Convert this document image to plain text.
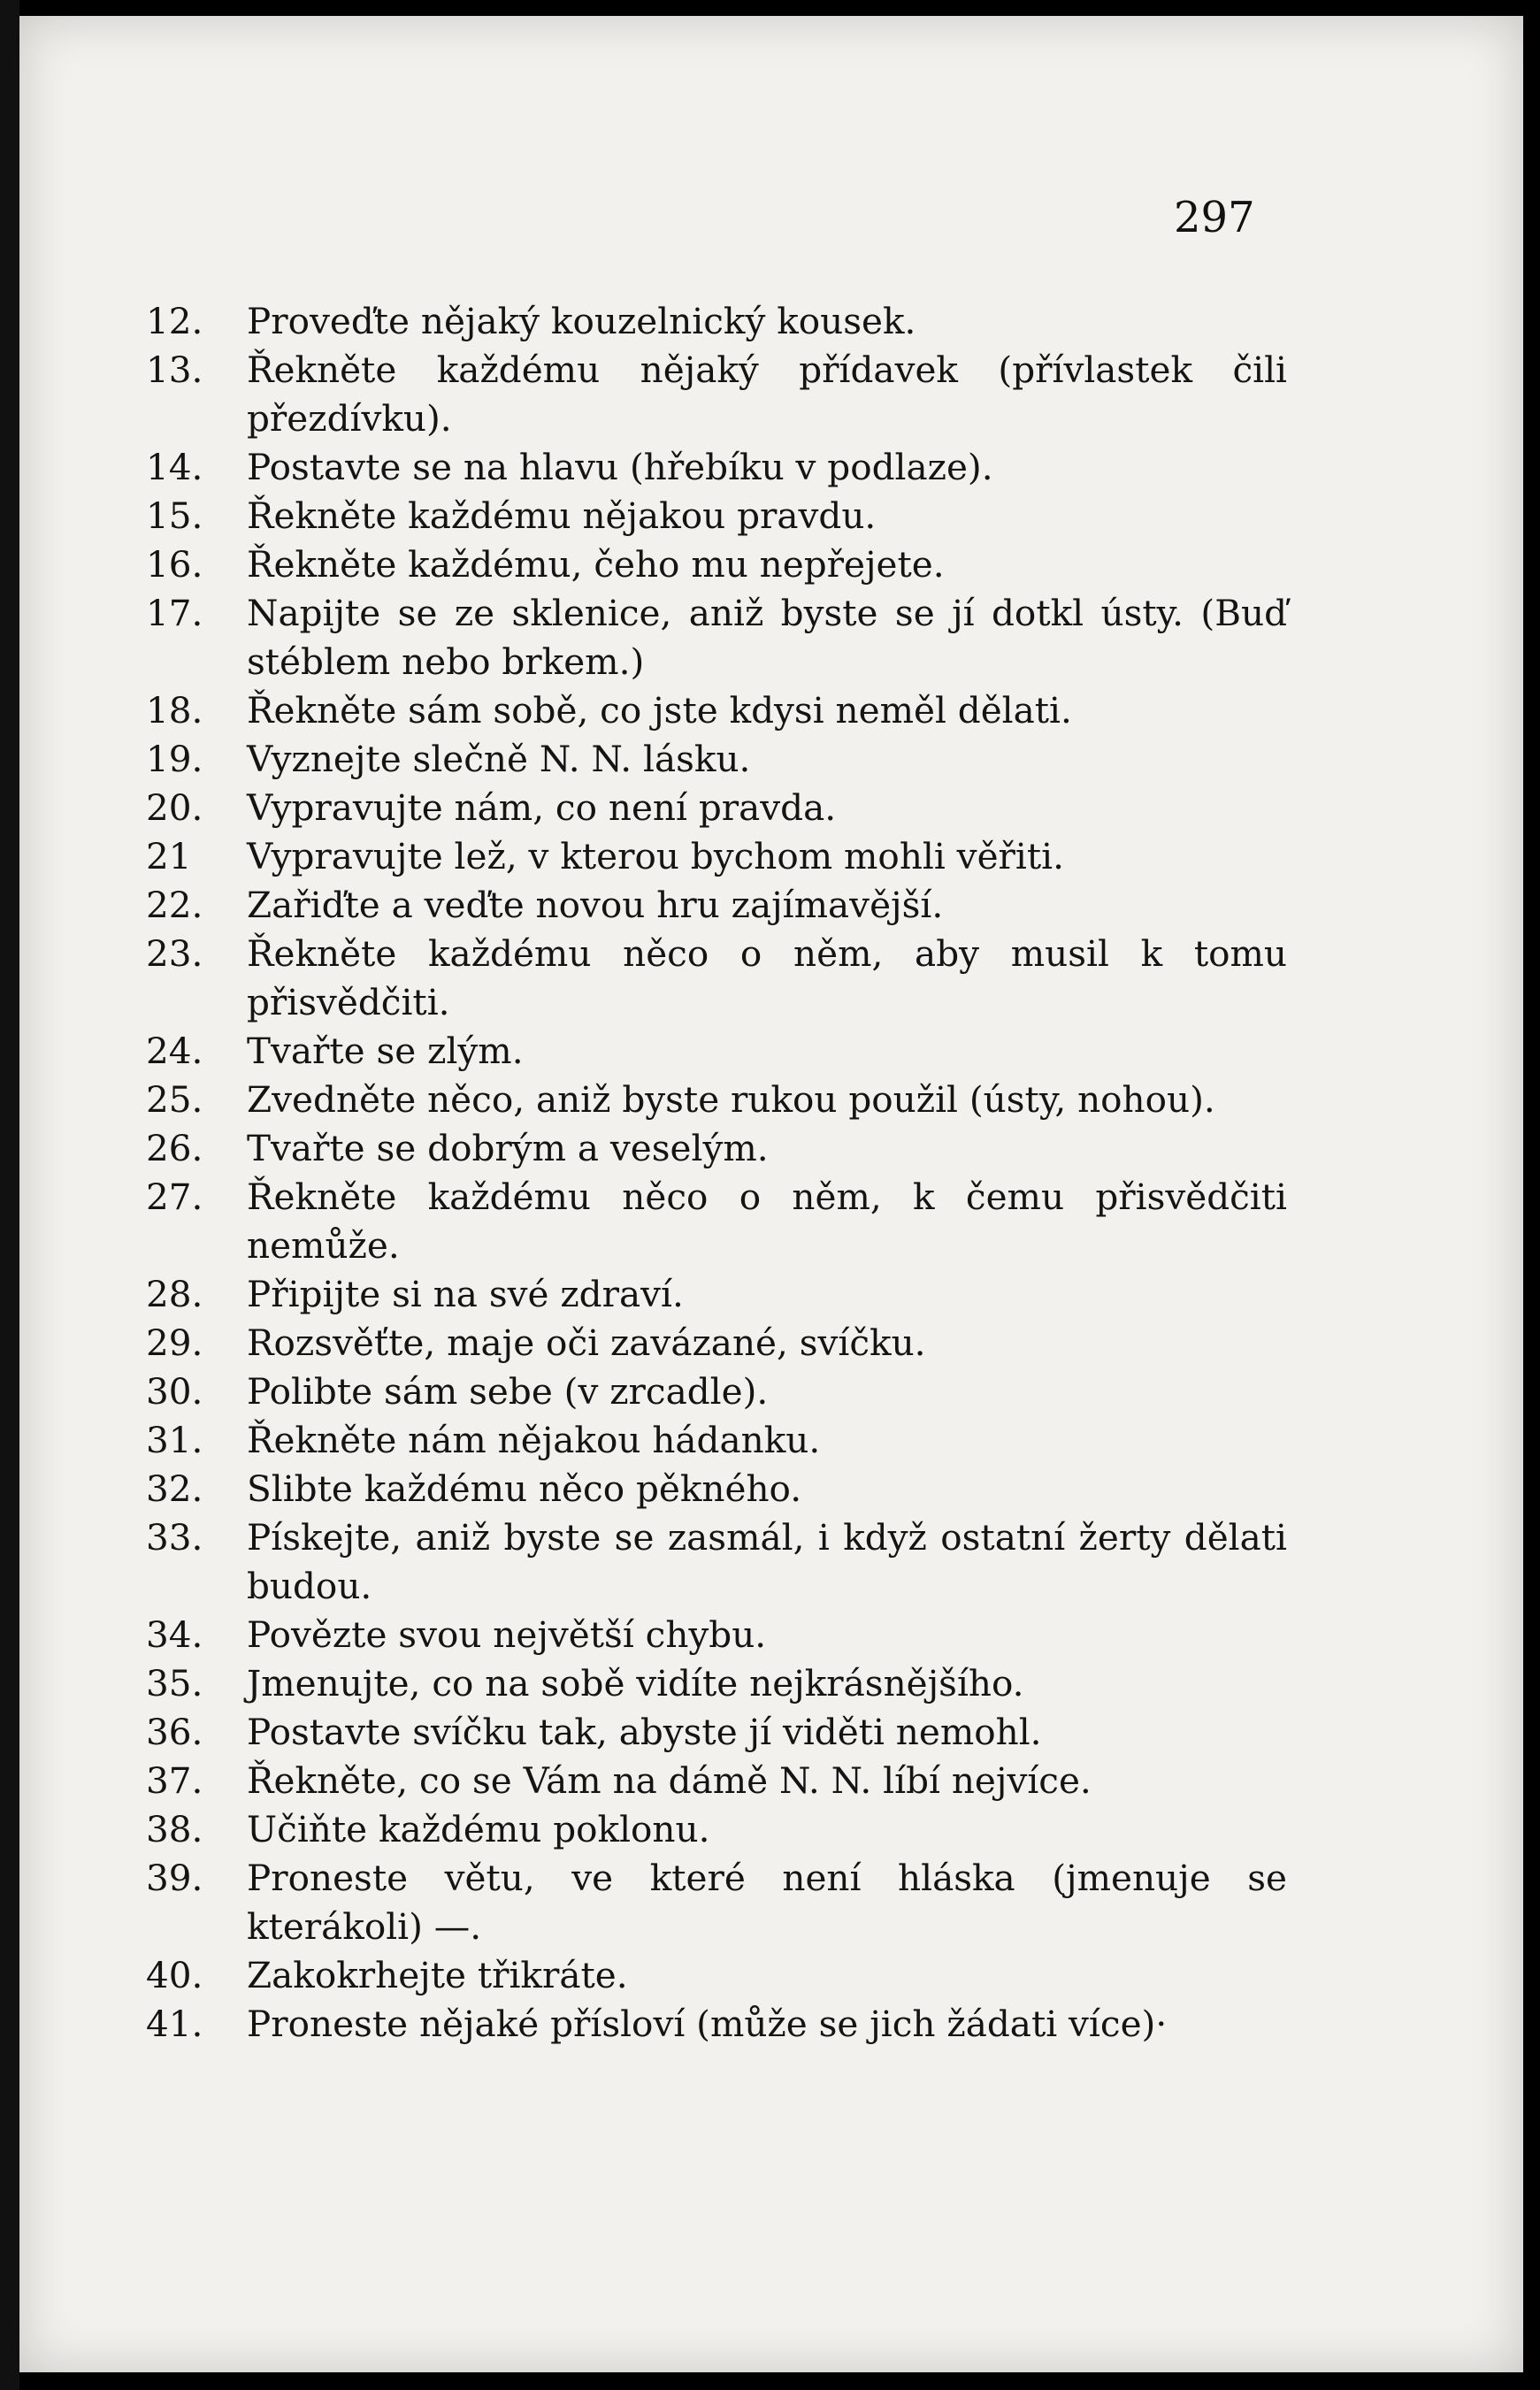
297
12.	Proveďte nějaký kouzelnický kousek.
13.	Řekněte každému nějaký přídavek (přívlastek čili přezdívku).
14.	Postavte se na hlavu (hřebíku v podlaze).
15.	Řekněte každému nějakou pravdu.
16.	Řekněte každému, čeho mu nepřejete.
17.	Napijte se ze sklenice, aniž byste se jí dotkl ústy. (Buď stéblem nebo brkem.)
18.	Řekněte sám sobě, co jste kdysi neměl dělati.
19.	Vyznejte slečně N. N. lásku.
20.	Vypravujte nám, co není pravda.
21	Vypravujte lež, v kterou bychom mohli věřiti.
22.	Zařiďte a veďte novou hru zajímavější.
23.	Řekněte každému něco o něm, aby musil k tomu přisvědčiti.
24.	Tvařte se zlým.
25.	Zvedněte něco, aniž byste rukou použil (ústy, nohou).
26.	Tvařte se dobrým a veselým.
27.	Řekněte každému něco o něm, k čemu přisvědčiti nemůže.
28.	Připijte si na své zdraví.
29.	Rozsvěťte, maje oči zavázané, svíčku.
30.	Polibte sám sebe (v zrcadle).
31.	Řekněte nám nějakou hádanku.
32.	Slibte každému něco pěkného.
33.	Pískejte, aniž byste se zasmál, i když ostatní žerty dělati budou.
34.	Povězte svou největší chybu.
35.	Jmenujte, co na sobě vidíte nejkrásnějšího.
36.	Postavte svíčku tak, abyste jí viděti nemohl.
37.	Řekněte, co se Vám na dámě N. N. líbí nejvíce.
38.	Učiňte každému poklonu.
39.	Proneste větu, ve které není hláska (jmenuje se kterákoli) —.
40.	Zakokrhejte třikráte.
41.	Proneste nějaké přísloví (může se jich žádati více)·
